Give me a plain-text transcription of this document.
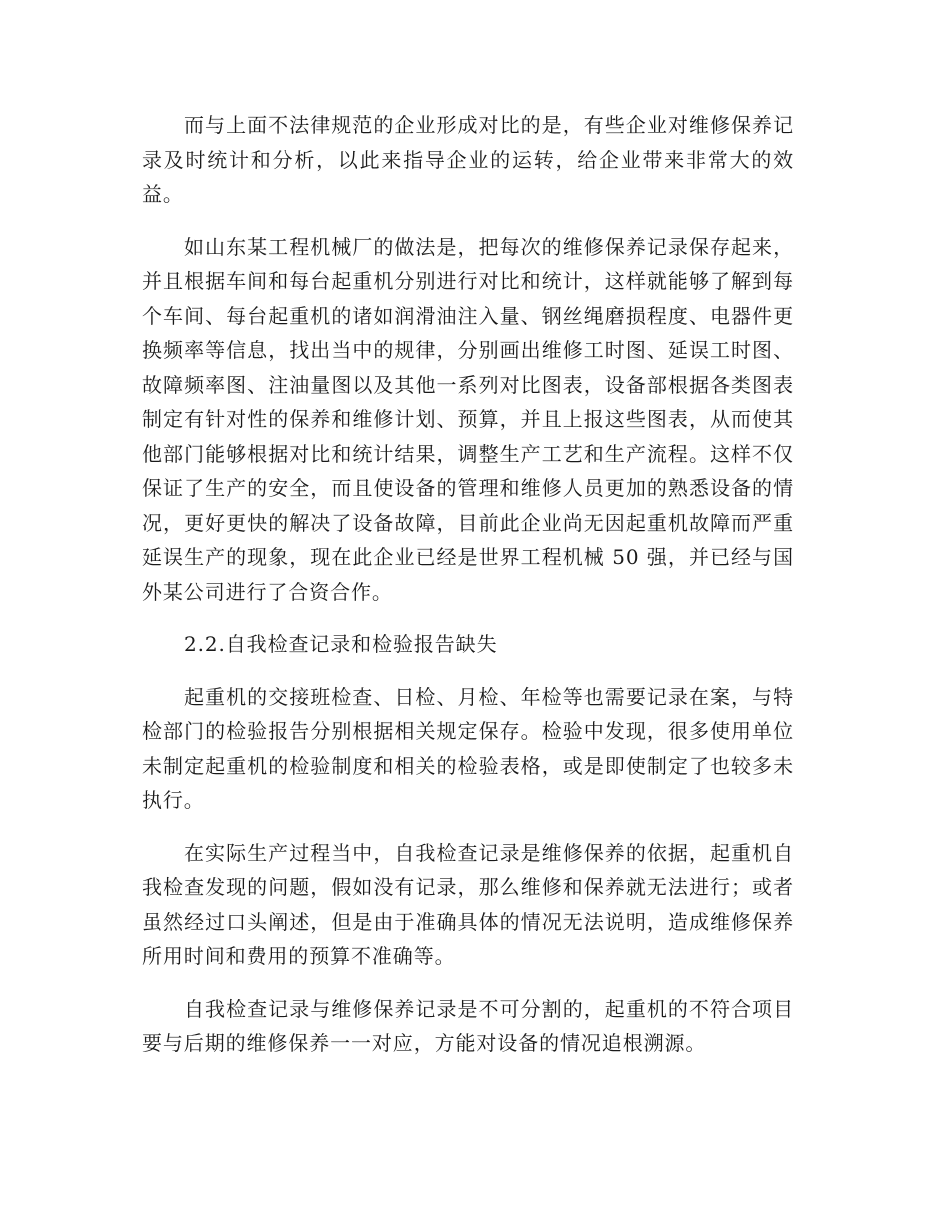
而与上面不法律规范的企业形成对比的是，有些企业对维修保养记录及时统计和分析，以此来指导企业的运转，给企业带来非常大的效益。

如山东某工程机械厂的做法是，把每次的维修保养记录保存起来，并且根据车间和每台起重机分别进行对比和统计，这样就能够了解到每个车间、每台起重机的诸如润滑油注入量、钢丝绳磨损程度、电器件更换频率等信息，找出当中的规律，分别画出维修工时图、延误工时图、故障频率图、注油量图以及其他一系列对比图表，设备部根据各类图表制定有针对性的保养和维修计划、预算，并且上报这些图表，从而使其他部门能够根据对比和统计结果，调整生产工艺和生产流程。这样不仅保证了生产的安全，而且使设备的管理和维修人员更加的熟悉设备的情况，更好更快的解决了设备故障，目前此企业尚无因起重机故障而严重延误生产的现象，现在此企业已经是世界工程机械 50 强，并已经与国外某公司进行了合资合作。

2.2.自我检查记录和检验报告缺失

起重机的交接班检查、日检、月检、年检等也需要记录在案，与特检部门的检验报告分别根据相关规定保存。检验中发现，很多使用单位未制定起重机的检验制度和相关的检验表格，或是即使制定了也较多未执行。

在实际生产过程当中，自我检查记录是维修保养的依据，起重机自我检查发现的问题，假如没有记录，那么维修和保养就无法进行；或者虽然经过口头阐述，但是由于准确具体的情况无法说明，造成维修保养所用时间和费用的预算不准确等。

自我检查记录与维修保养记录是不可分割的，起重机的不符合项目要与后期的维修保养一一对应，方能对设备的情况追根溯源。
